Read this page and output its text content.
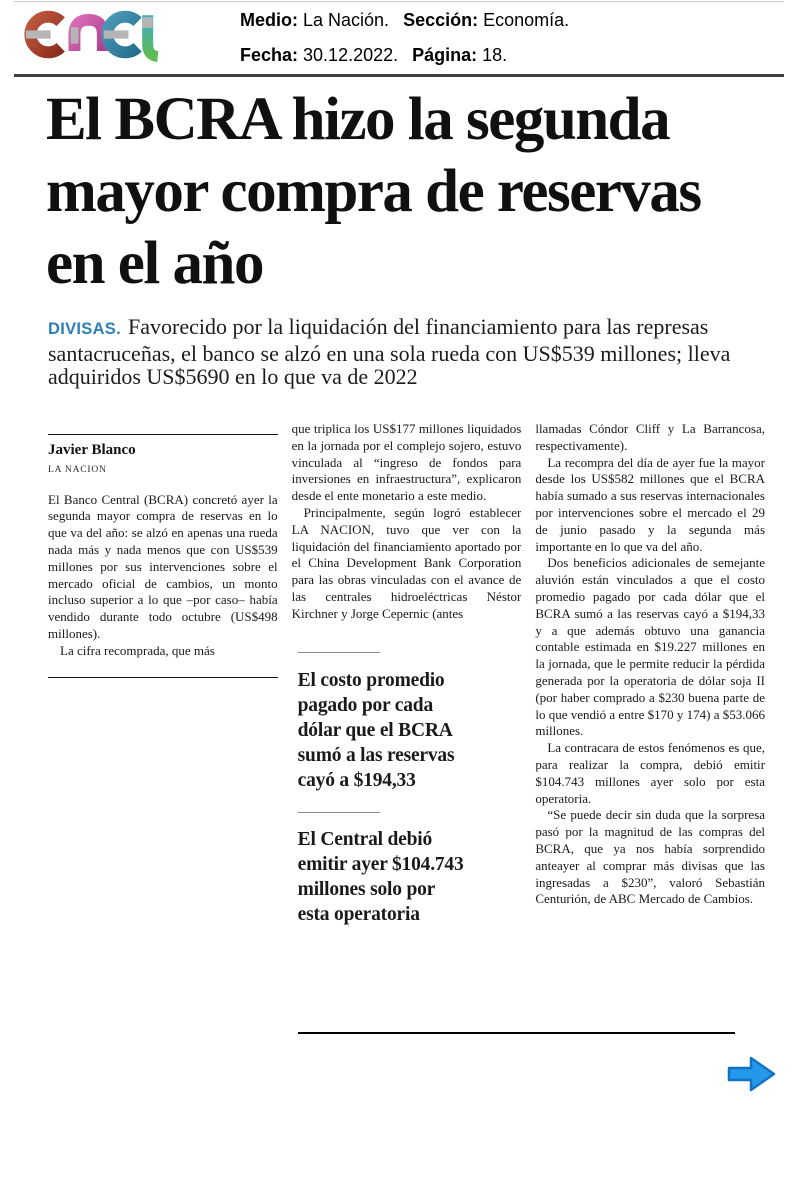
Medio: La Nación. Sección: Economía.
Fecha: 30.12.2022. Página: 18.
El BCRA hizo la segunda mayor compra de reservas en el año

DIVISAS. Favorecido por la liquidación del financiamiento para las represas santacruceñas, el banco se alzó en una sola rueda con US$539 millones; lleva adquiridos US$5690 en lo que va de 2022

Javier Blanco
LA NACION

El Banco Central (BCRA) concretó ayer la segunda mayor compra de reservas en lo que va del año: se alzó en apenas una rueda nada más y nada menos que con US$539 millones por sus intervenciones sobre el mercado oficial de cambios, un monto incluso superior a lo que –por caso– había vendido durante todo octubre (US$498 millones).

La cifra recomprada, que más

que triplica los US$177 millones liquidados en la jornada por el complejo sojero, estuvo vinculada al “ingreso de fondos para inversiones en infraestructura”, explicaron desde el ente monetario a este medio.

Principalmente, según logró establecer LA NACION, tuvo que ver con la liquidación del financiamiento aportado por el China Development Bank Corporation para las obras vinculadas con el avance de las centrales hidroeléctricas Néstor Kirchner y Jorge Cepernic (antes

El costo promedio
pagado por cada
dólar que el BCRA
sumó a las reservas
cayó a $194,33
El Central debió
emitir ayer $104.743
millones solo por
esta operatoria

llamadas Cóndor Cliff y La Barrancosa, respectivamente).

La recompra del día de ayer fue la mayor desde los US$582 millones que el BCRA había sumado a sus reservas internacionales por intervenciones sobre el mercado el 29 de junio pasado y la segunda más importante en lo que va del año.

Dos beneficios adicionales de semejante aluvión están vinculados a que el costo promedio pagado por cada dólar que el BCRA sumó a las reservas cayó a $194,33 y a que además obtuvo una ganancia contable estimada en $19.227 millones en la jornada, que le permite reducir la pérdida generada por la operatoria de dólar soja II (por haber comprado a $230 buena parte de lo que vendió a entre $170 y 174) a $53.066 millones.

La contracara de estos fenómenos es que, para realizar la compra, debió emitir $104.743 millones ayer solo por esta operatoria.

“Se puede decir sin duda que la sorpresa pasó por la magnitud de las compras del BCRA, que ya nos había sorprendido anteayer al comprar más divisas que las ingresadas a $230”, valoró Sebastián Centurión, de ABC Mercado de Cambios.
